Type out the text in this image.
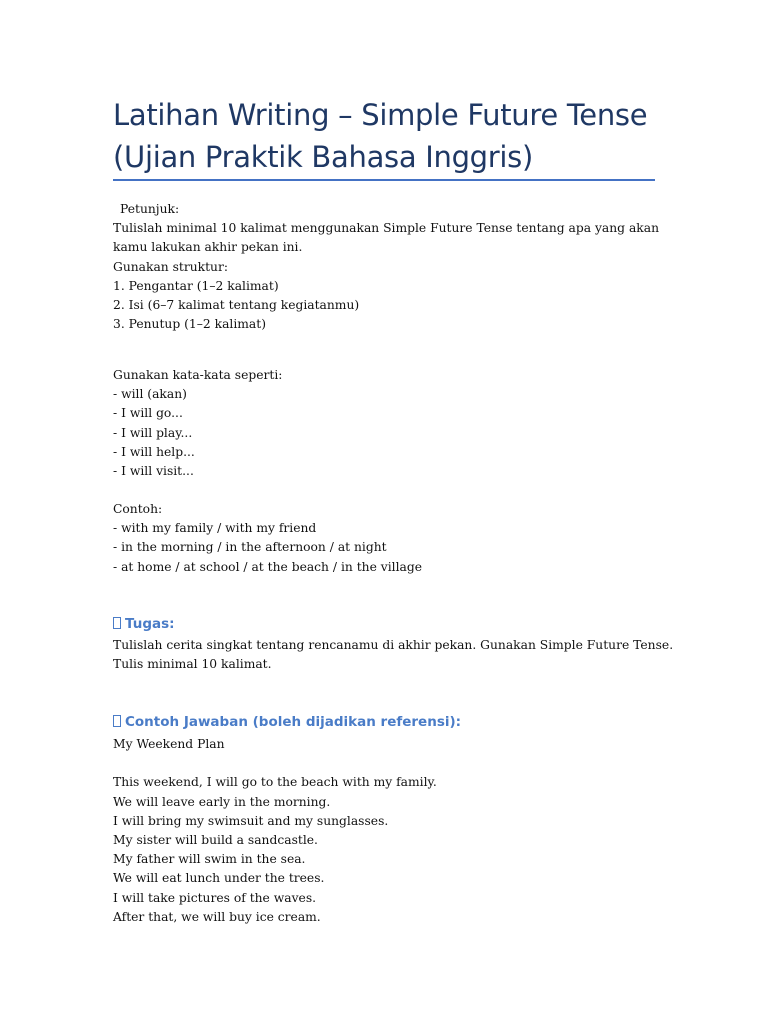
Latihan Writing – Simple Future Tense
(Ujian Praktik Bahasa Inggris)
Petunjuk:
Tulislah minimal 10 kalimat menggunakan Simple Future Tense tentang apa yang akan
kamu lakukan akhir pekan ini.
Gunakan struktur:
1. Pengantar (1–2 kalimat)
2. Isi (6–7 kalimat tentang kegiatanmu)
3. Penutup (1–2 kalimat)
Gunakan kata-kata seperti:
- will (akan)
- I will go...
- I will play...
- I will help...
- I will visit...
Contoh:
- with my family / with my friend
- in the morning / in the afternoon / at night
- at home / at school / at the beach / in the village
Tugas:
Tulislah cerita singkat tentang rencanamu di akhir pekan. Gunakan Simple Future Tense.
Tulis minimal 10 kalimat.
Contoh Jawaban (boleh dijadikan referensi):
My Weekend Plan
This weekend, I will go to the beach with my family.
We will leave early in the morning.
I will bring my swimsuit and my sunglasses.
My sister will build a sandcastle.
My father will swim in the sea.
We will eat lunch under the trees.
I will take pictures of the waves.
After that, we will buy ice cream.
